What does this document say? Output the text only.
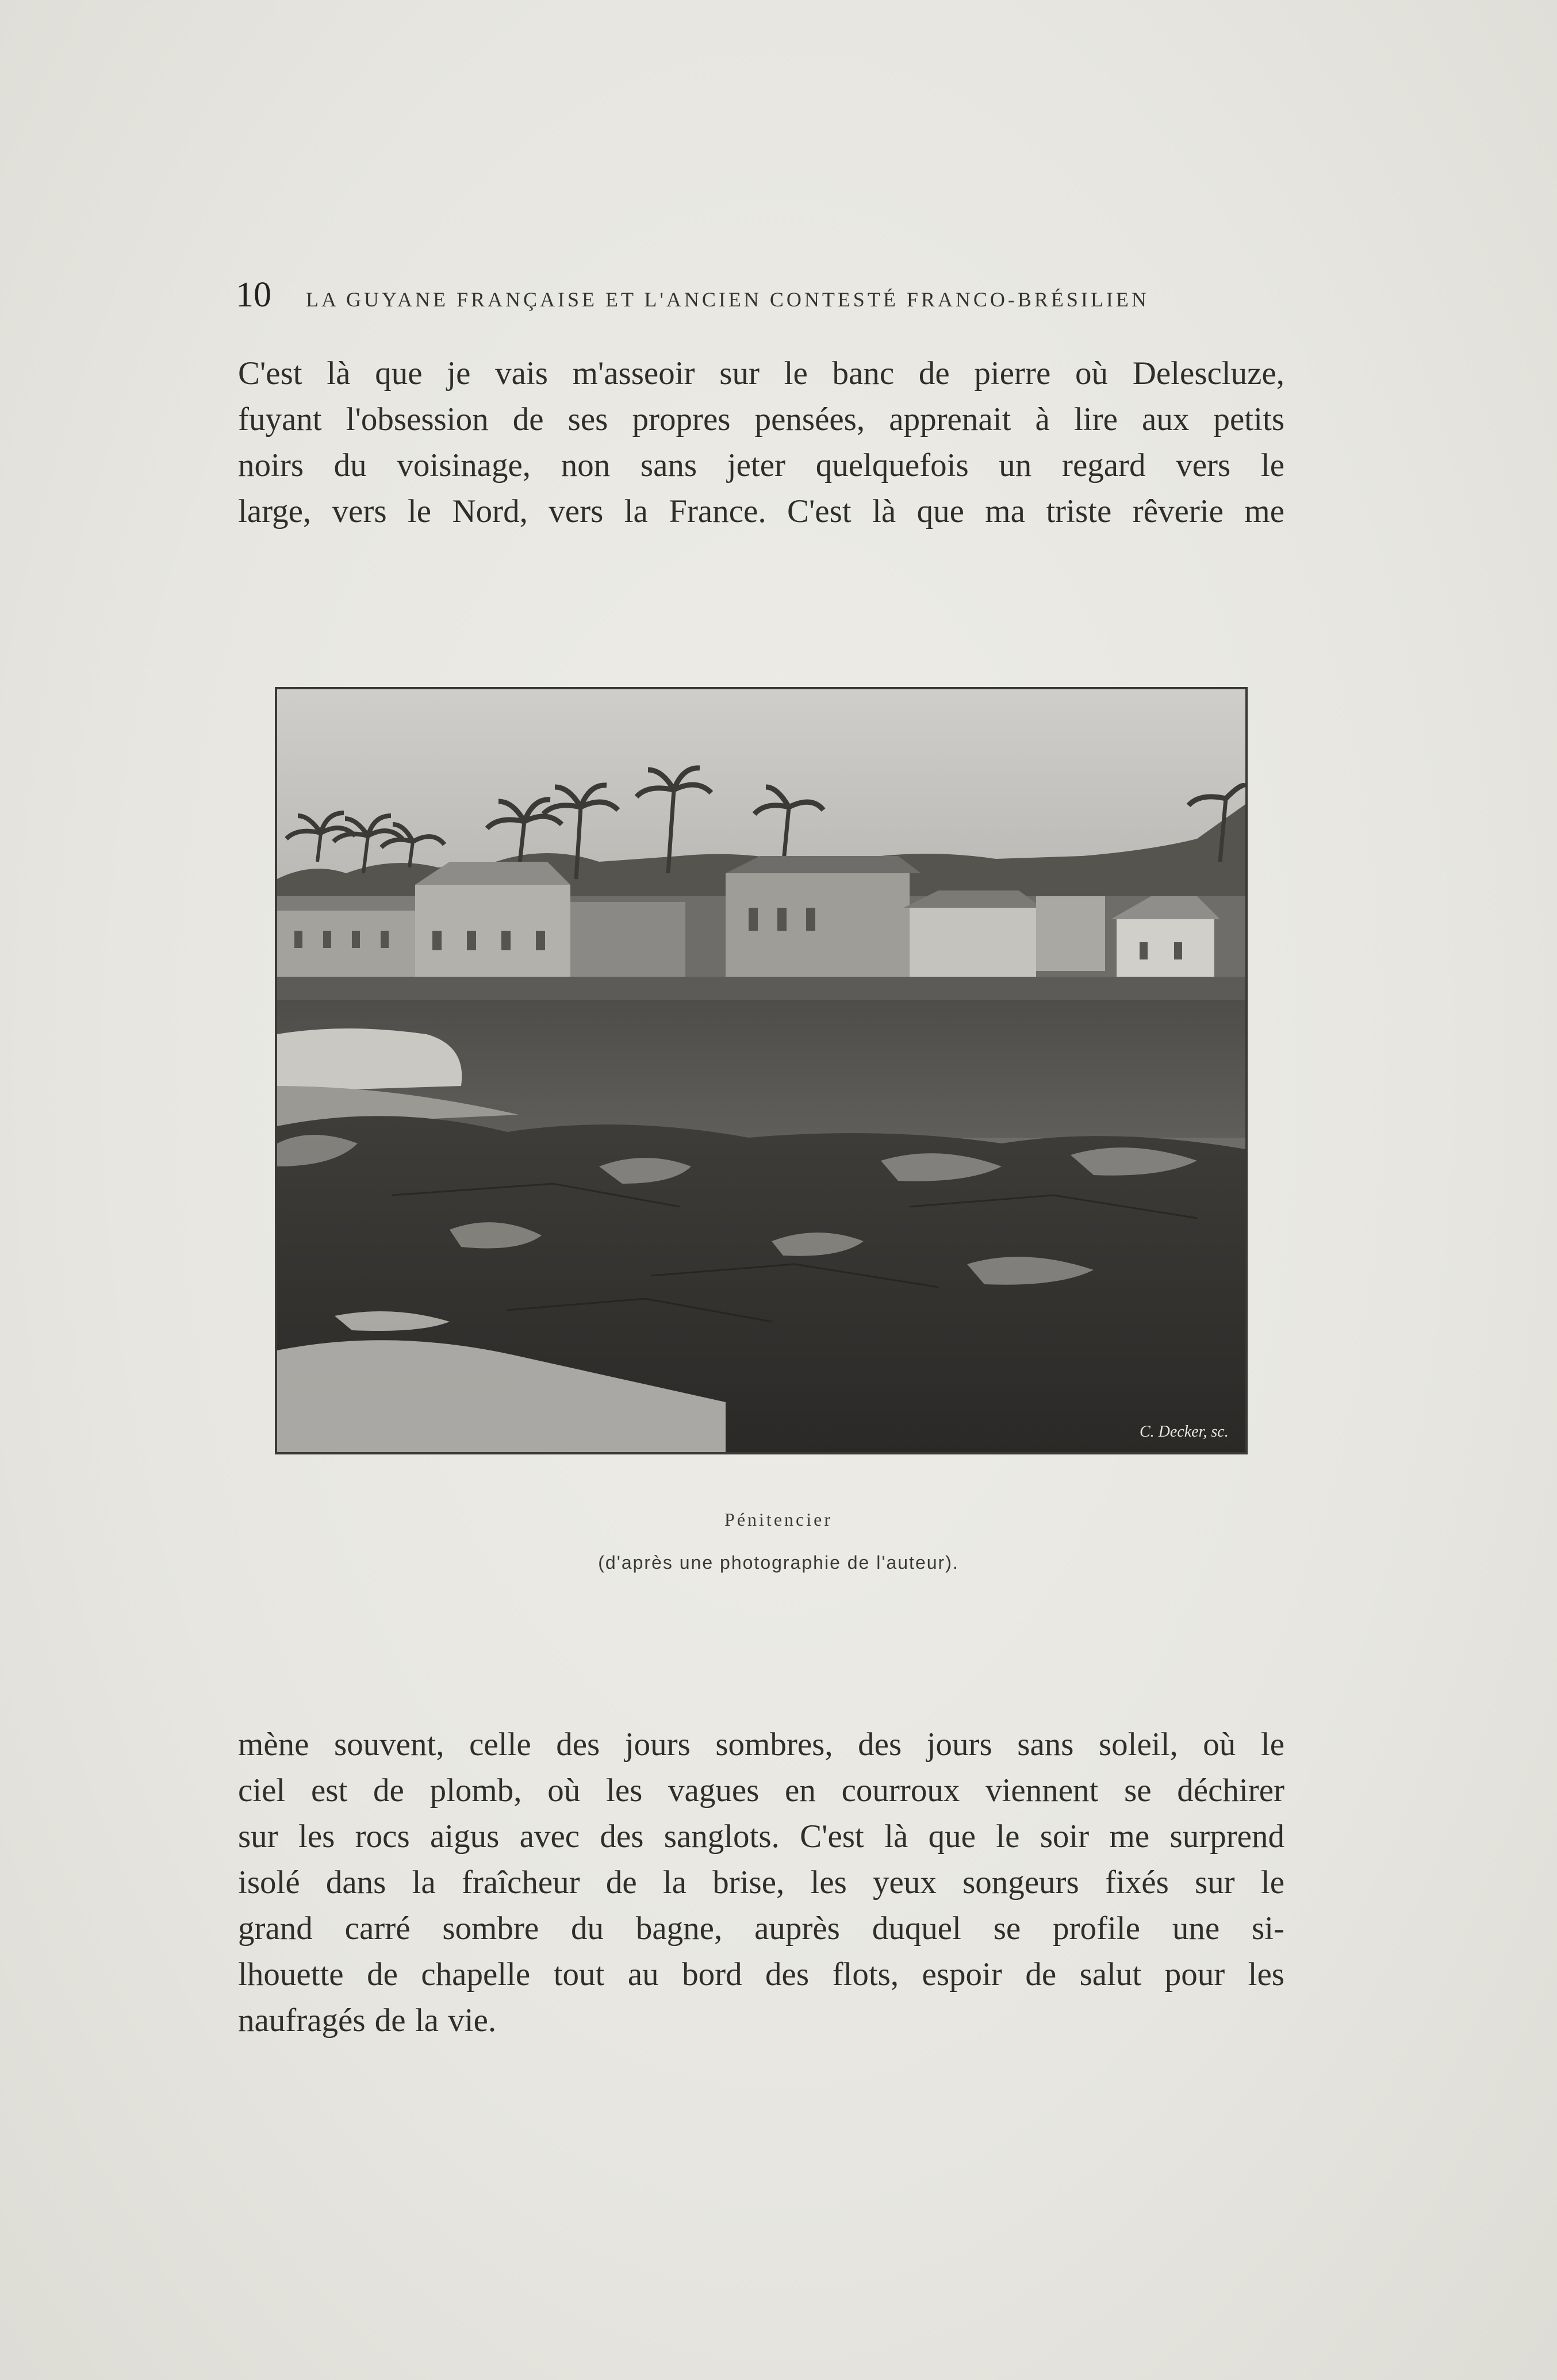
10 LA GUYANE FRANÇAISE ET L'ANCIEN CONTESTÉ FRANCO-BRÉSILIEN
C'est là que je vais m'asseoir sur le banc de pierre où Delescluze,
fuyant l'obsession de ses propres pensées, apprenait à lire aux petits
noirs du voisinage, non sans jeter quelquefois un regard vers le
large, vers le Nord, vers la France. C'est là que ma triste rêverie me
C. Decker, sc.
Pénitencier
(d'après une photographie de l'auteur).
mène souvent, celle des jours sombres, des jours sans soleil, où le
ciel est de plomb, où les vagues en courroux viennent se déchirer
sur les rocs aigus avec des sanglots. C'est là que le soir me surprend
isolé dans la fraîcheur de la brise, les yeux songeurs fixés sur le
grand carré sombre du bagne, auprès duquel se profile une si-
lhouette de chapelle tout au bord des flots, espoir de salut pour les
naufragés de la vie.
